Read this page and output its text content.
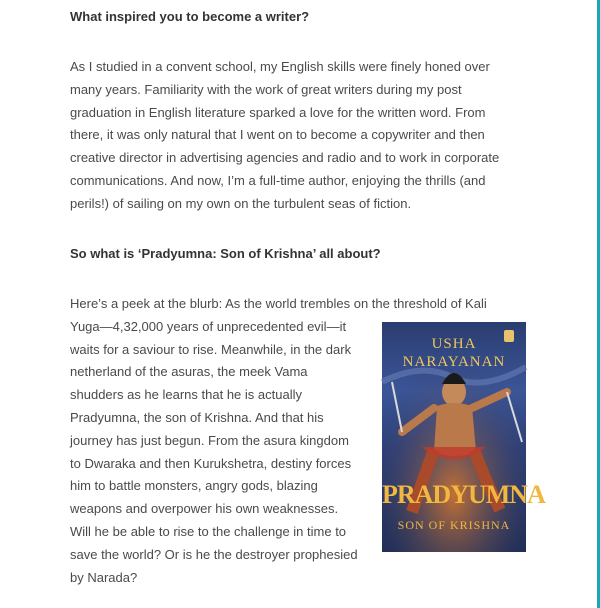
What inspired you to become a writer?
As I studied in a convent school, my English skills were finely honed over
many years. Familiarity with the work of great writers during my post
graduation in English literature sparked a love for the written word. From
there, it was only natural that I went on to become a copywriter and then
creative director in advertising agencies and radio and to work in corporate
communications. And now, I’m a full-time author, enjoying the thrills (and
perils!) of sailing on my own on the turbulent seas of fiction.
So what is ‘Pradyumna: Son of Krishna’ all about?
Here’s a peek at the blurb: As the world trembles on the threshold of Kali
Yuga—4,32,000 years of unprecedented evil—it
waits for a saviour to rise. Meanwhile, in the dark
netherland of the asuras, the meek Vama
shudders as he learns that he is actually
Pradyumna, the son of Krishna. And that his
journey has just begun. From the asura kingdom
to Dwaraka and then Kurukshetra, destiny forces
him to battle monsters, angry gods, blazing
weapons and overpower his own weaknesses.
Will he be able to rise to the challenge in time to
save the world? Or is he the destroyer prophesied
by Narada?
USHA
NARAYANAN
PRADYUMNA
SON OF KRISHNA
